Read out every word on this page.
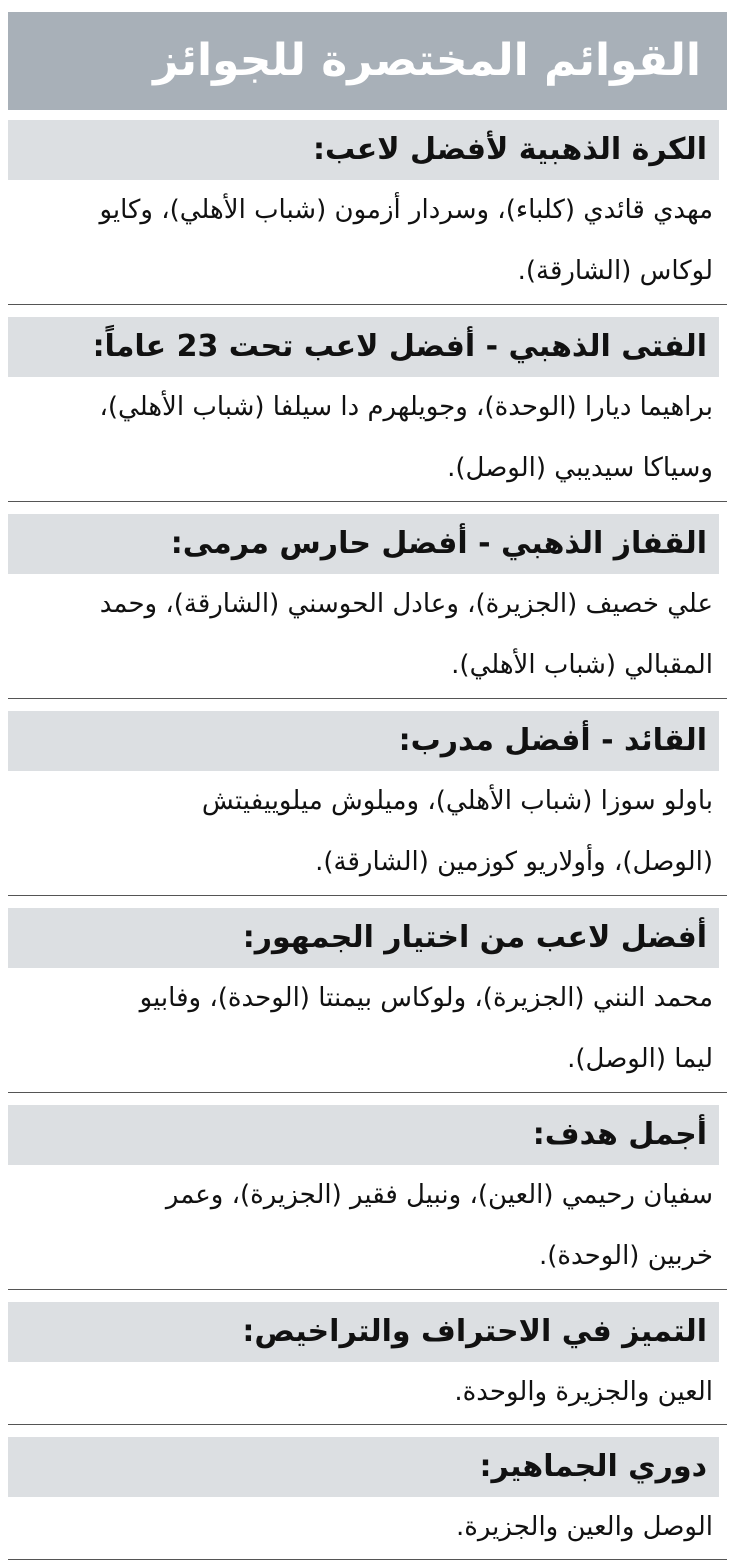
القوائم المختصرة للجوائز
الكرة الذهبية لأفضل لاعب:
مهدي قائدي (كلباء)، وسردار أزمون (شباب الأهلي)، وكايو
لوكاس (الشارقة).
الفتى الذهبي - أفضل لاعب تحت 23 عاماً:
براهيما ديارا (الوحدة)، وجويلهرم دا سيلفا (شباب الأهلي)،
وسياكا سيديبي (الوصل).
القفاز الذهبي - أفضل حارس مرمى:
علي خصيف (الجزيرة)، وعادل الحوسني (الشارقة)، وحمد
المقبالي (شباب الأهلي).
القائد - أفضل مدرب:
باولو سوزا (شباب الأهلي)، وميلوش ميلوييفيتش
(الوصل)، وأولاريو كوزمين (الشارقة).
أفضل لاعب من اختيار الجمهور:
محمد النني (الجزيرة)، ولوكاس بيمنتا (الوحدة)، وفابيو
ليما (الوصل).
أجمل هدف:
سفيان رحيمي (العين)، ونبيل فقير (الجزيرة)، وعمر
خربين (الوحدة).
التميز في الاحتراف والتراخيص:
العين والجزيرة والوحدة.
دوري الجماهير:
الوصل والعين والجزيرة.
